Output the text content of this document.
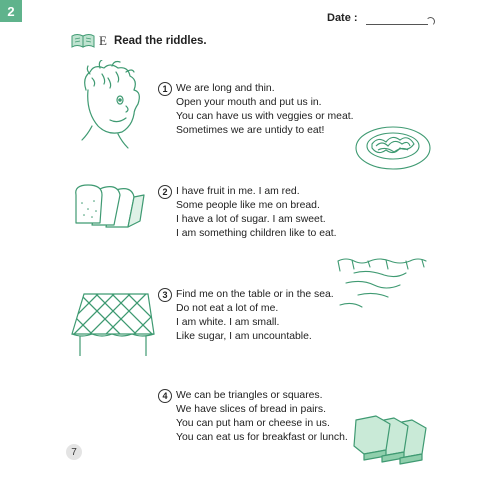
2	Date :
E Read the riddles.
1 We are long and thin.
Open your mouth and put us in.
You can have us with veggies or meat.
Sometimes we are untidy to eat!
2 I have fruit in me. I am red.
Some people like me on bread.
I have a lot of sugar. I am sweet.
I am something children like to eat.
3 Find me on the table or in the sea.
Do not eat a lot of me.
I am white. I am small.
Like sugar, I am uncountable.
4 We can be triangles or squares.
We have slices of bread in pairs.
You can put ham or cheese in us.
You can eat us for breakfast or lunch.
7
